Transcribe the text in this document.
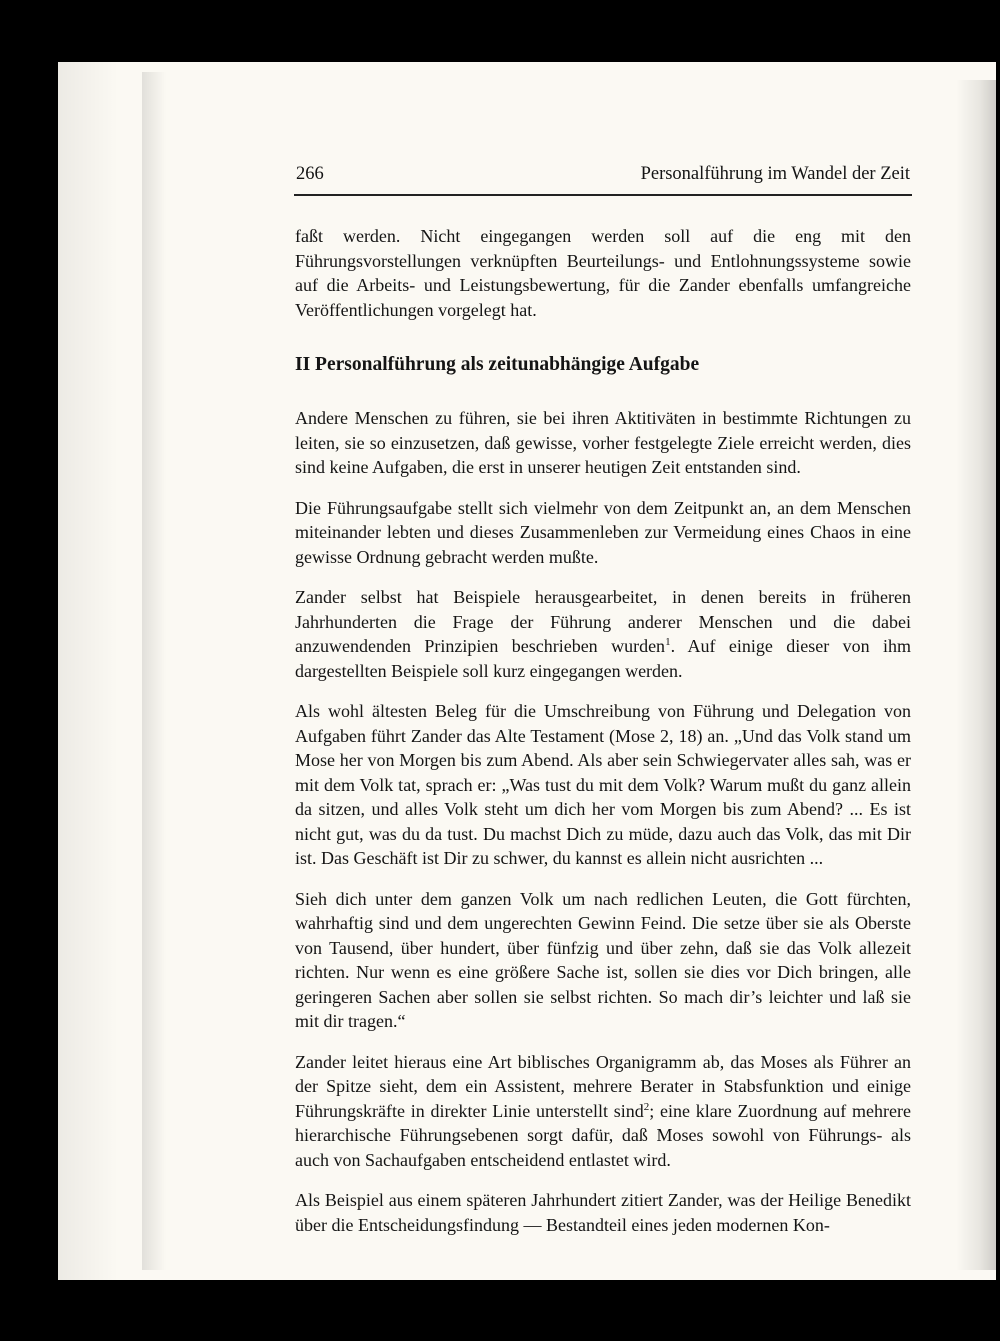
266	Personalführung im Wandel der Zeit

faßt werden. Nicht eingegangen werden soll auf die eng mit den Führungsvorstellungen verknüpften Beurteilungs- und Entlohnungssysteme sowie auf die Arbeits- und Leistungsbewertung, für die Zander ebenfalls umfangreiche Veröffentlichungen vorgelegt hat.

II Personalführung als zeitunabhängige Aufgabe

Andere Menschen zu führen, sie bei ihren Aktitiväten in bestimmte Richtungen zu leiten, sie so einzusetzen, daß gewisse, vorher festgelegte Ziele erreicht werden, dies sind keine Aufgaben, die erst in unserer heutigen Zeit entstanden sind.

Die Führungsaufgabe stellt sich vielmehr von dem Zeitpunkt an, an dem Menschen miteinander lebten und dieses Zusammenleben zur Vermeidung eines Chaos in eine gewisse Ordnung gebracht werden mußte.

Zander selbst hat Beispiele herausgearbeitet, in denen bereits in früheren Jahrhunderten die Frage der Führung anderer Menschen und die dabei anzuwendenden Prinzipien beschrieben wurden$^1$. Auf einige dieser von ihm dargestellten Beispiele soll kurz eingegangen werden.

Als wohl ältesten Beleg für die Umschreibung von Führung und Delegation von Aufgaben führt Zander das Alte Testament (Mose 2, 18) an. „Und das Volk stand um Mose her von Morgen bis zum Abend. Als aber sein Schwiegervater alles sah, was er mit dem Volk tat, sprach er: „Was tust du mit dem Volk? Warum mußt du ganz allein da sitzen, und alles Volk steht um dich her vom Morgen bis zum Abend? ... Es ist nicht gut, was du da tust. Du machst Dich zu müde, dazu auch das Volk, das mit Dir ist. Das Geschäft ist Dir zu schwer, du kannst es allein nicht ausrichten ...

Sieh dich unter dem ganzen Volk um nach redlichen Leuten, die Gott fürchten, wahrhaftig sind und dem ungerechten Gewinn Feind. Die setze über sie als Oberste von Tausend, über hundert, über fünfzig und über zehn, daß sie das Volk allezeit richten. Nur wenn es eine größere Sache ist, sollen sie dies vor Dich bringen, alle geringeren Sachen aber sollen sie selbst richten. So mach dir’s leichter und laß sie mit dir tragen.“

Zander leitet hieraus eine Art biblisches Organigramm ab, das Moses als Führer an der Spitze sieht, dem ein Assistent, mehrere Berater in Stabsfunktion und einige Führungskräfte in direkter Linie unterstellt sind$^2$; eine klare Zuordnung auf mehrere hierarchische Führungsebenen sorgt dafür, daß Moses sowohl von Führungs- als auch von Sachaufgaben entscheidend entlastet wird.

Als Beispiel aus einem späteren Jahrhundert zitiert Zander, was der Heilige Benedikt über die Entscheidungsfindung — Bestandteil eines jeden modernen Kon-
